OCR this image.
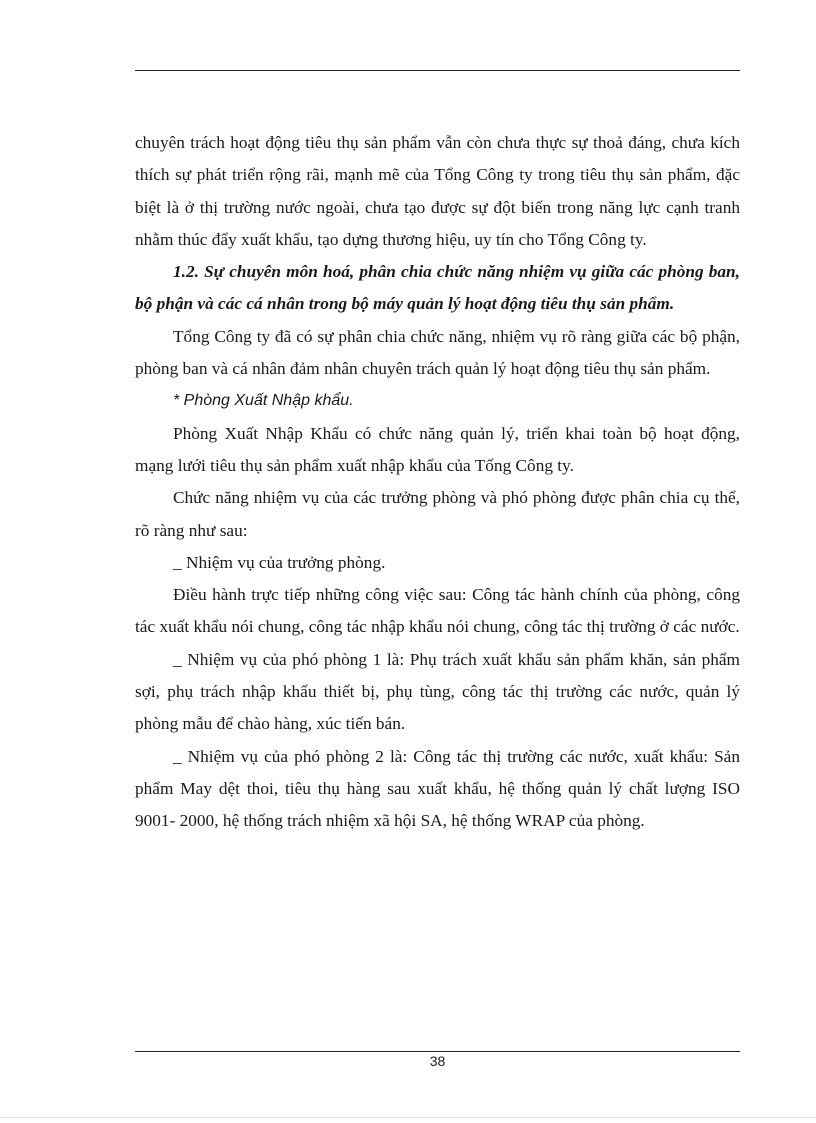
chuyên trách hoạt động tiêu thụ sản phẩm vẫn còn chưa thực sự thoả đáng, chưa kích thích sự phát triển rộng rãi, mạnh mẽ của Tổng Công ty trong tiêu thụ sản phẩm, đặc biệt là ở thị trường nước ngoài, chưa tạo được sự đột biến trong năng lực cạnh tranh nhằm thúc đẩy xuất khẩu, tạo dựng thương hiệu, uy tín cho Tổng Công ty.

1.2. Sự chuyên môn hoá, phân chia chức năng nhiệm vụ giữa các phòng ban, bộ phận và các cá nhân trong bộ máy quản lý hoạt động tiêu thụ sản phẩm.

Tổng Công ty đã có sự phân chia chức năng, nhiệm vụ rõ ràng giữa các bộ phận, phòng ban và cá nhân đảm nhân chuyên trách quản lý hoạt động tiêu thụ sản phẩm.

* Phòng Xuất Nhập khẩu.

Phòng Xuất Nhập Khẩu có chức năng quản lý, triển khai toàn bộ hoạt động, mạng lưới tiêu thụ sản phẩm xuất nhập khẩu của Tổng Công ty.

Chức năng nhiệm vụ của các trưởng phòng và phó phòng được phân chia cụ thể, rõ ràng như sau:

_ Nhiệm vụ của trưởng phòng.

Điều hành trực tiếp những công việc sau: Công tác hành chính của phòng, công tác xuất khẩu nói chung, công tác nhập khẩu nói chung, công tác thị trường ở các nước.

_ Nhiệm vụ của phó phòng 1 là: Phụ trách xuất khẩu sản phẩm khăn, sản phẩm sợi, phụ trách nhập khẩu thiết bị, phụ tùng, công tác thị trường các nước, quản lý phòng mẫu để chào hàng, xúc tiến bán.

_ Nhiệm vụ của phó phòng 2 là: Công tác thị trường các nước, xuất khẩu: Sản phẩm May dệt thoi, tiêu thụ hàng sau xuất khẩu, hệ thống quản lý chất lượng ISO 9001- 2000, hệ thống trách nhiệm xã hội SA, hệ thống WRAP của phòng.

38
